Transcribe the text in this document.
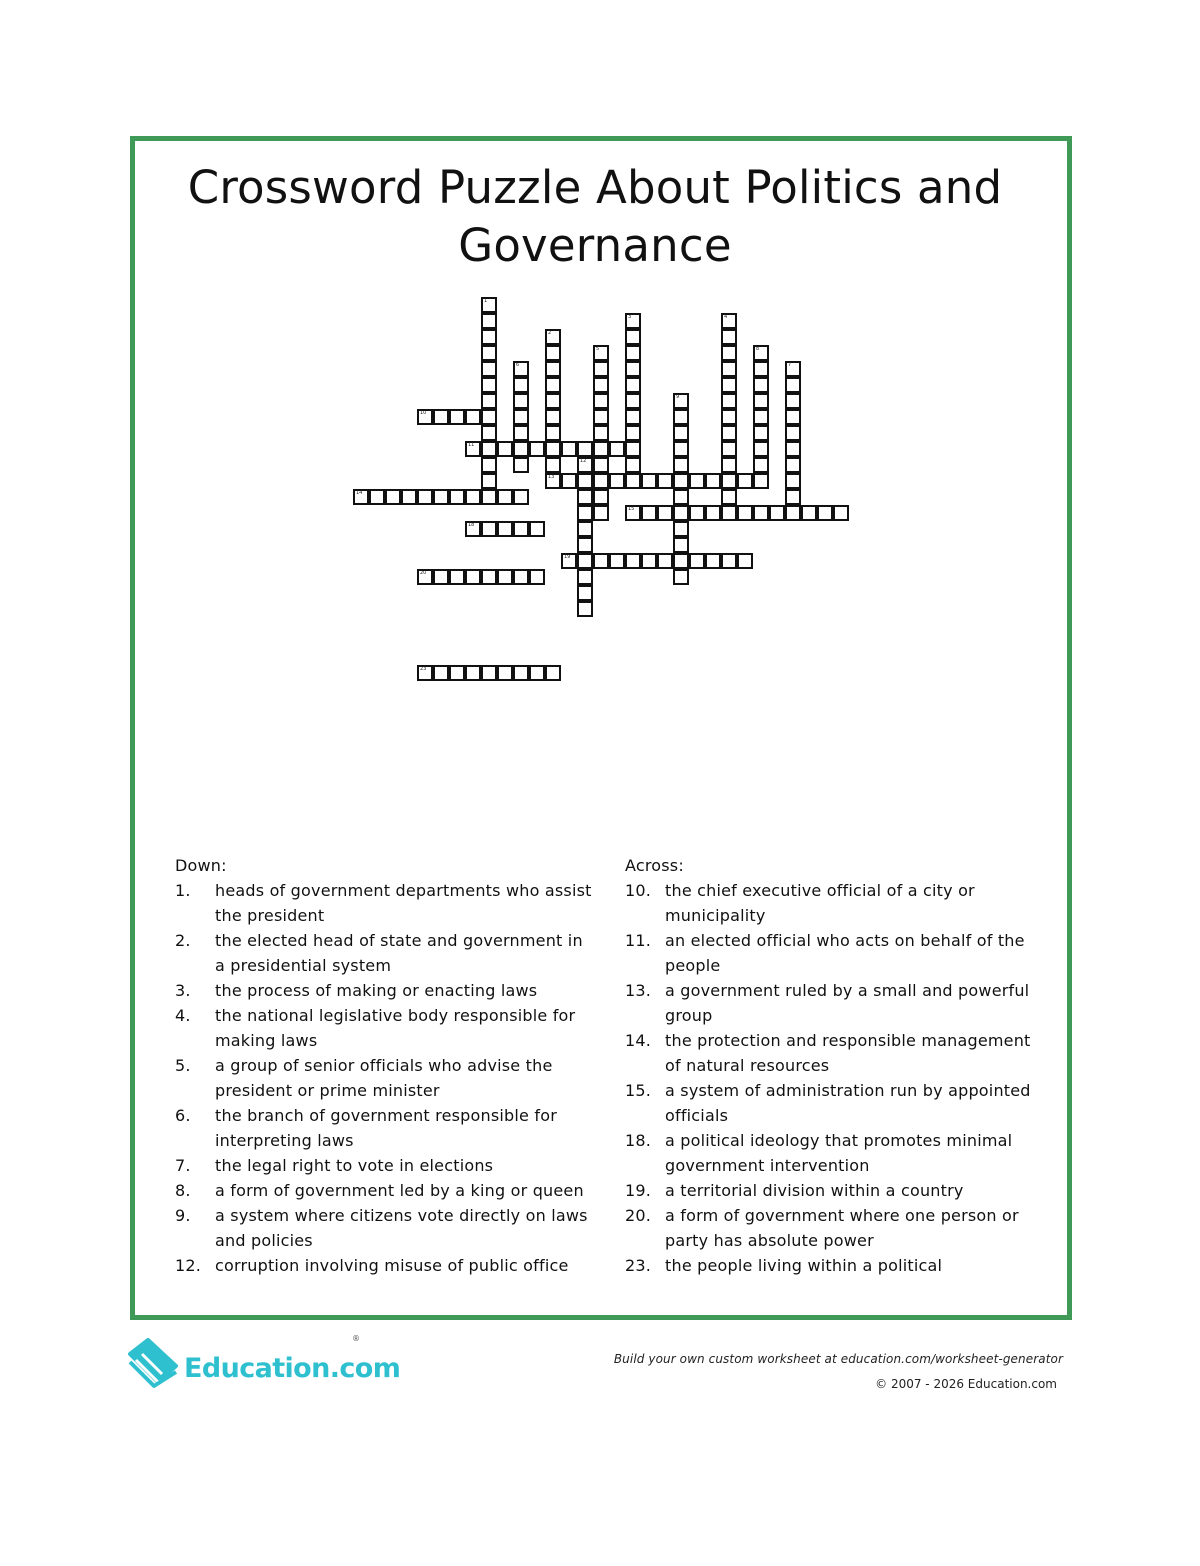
Crossword Puzzle About Politics and Governance
1
2
13
3	4
5
6	7
8
9
12
10
11
14
15
18
19
20
23

Down:

1.	heads of government departments who assist the president
2.	the elected head of state and government in a presidential system
3.	the process of making or enacting laws
4.	the national legislative body responsible for making laws
5.	a group of senior officials who advise the president or prime minister
6.	the branch of government responsible for interpreting laws
7.	the legal right to vote in elections
8.	a form of government led by a king or queen
9.	a system where citizens vote directly on laws and policies
12. corruption involving misuse of public office

Across:

10. the chief executive official of a city or municipality
11. an elected official who acts on behalf of the people
13. a government ruled by a small and powerful group
14. the protection and responsible management of natural resources
15. a system of administration run by appointed officials
18. a political ideology that promotes minimal government intervention
19. a territorial division within a country
20. a form of government where one person or party has absolute power
23. the people living within a political
Education.com
®
Build your own custom worksheet at education.com/worksheet-generator
© 2007 - 2026 Education.com
